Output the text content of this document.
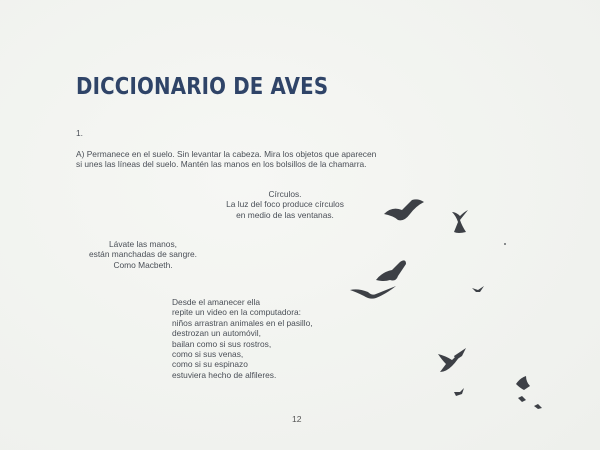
DICCIONARIO DE AVES
1.

A) Permanece en el suelo. Sin levantar la cabeza. Mira los objetos que aparecen

si unes las líneas del suelo. Mantén las manos en los bolsillos de la chamarra.

Círculos.

La luz del foco produce círculos

en medio de las ventanas.

Lávate las manos,

están manchadas de sangre.

Como Macbeth.

Desde el amanecer ella

repite un video en la computadora:

niños arrastran animales en el pasillo,

destrozan un automóvil,

bailan como si sus rostros,

como si sus venas,

como si su espinazo

estuviera hecho de alfileres.

12
